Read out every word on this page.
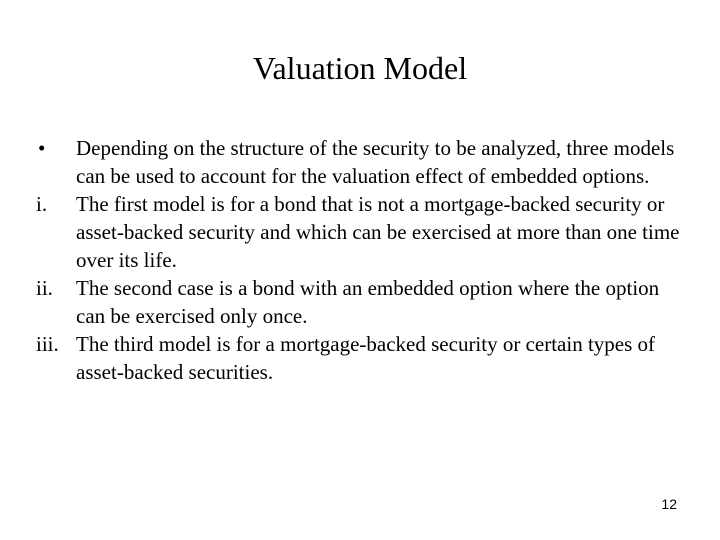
Valuation Model
•	Depending on the structure of the security to be analyzed, three models can be used to account for the valuation effect of embedded options.
i.	The first model is for a bond that is not a mortgage-backed security or asset-backed security and which can be exercised at more than one time over its life.
ii.	The second case is a bond with an embedded option where the option can be exercised only once.
iii. The third model is for a mortgage-backed security or certain types of asset-backed securities.
12
